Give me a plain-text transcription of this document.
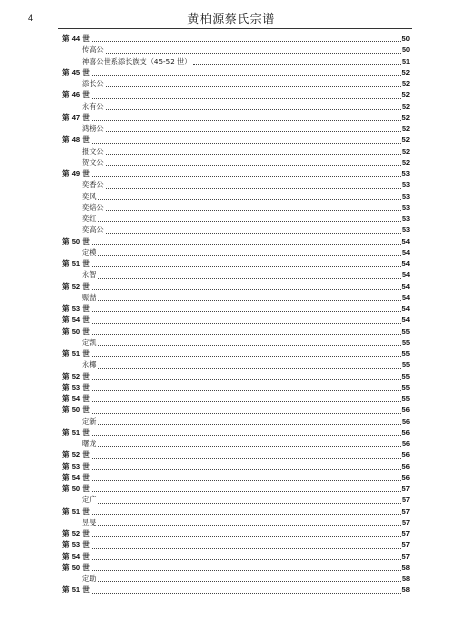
4	黄柏源蔡氏宗谱
第 44 世	50
传高公	50
神喜公世系添长族支（45-52 世）	51
第 45 世	52
添长公	52
第 46 世	52
永有公	52
第 47 世	52
鸿榜公	52
第 48 世	52
报文公	52
贺文公	52
第 49 世	53
奕香公	53
奕风	53
奕焙公	53
奕红	53
奕高公	53
第 50 世	54
定模	54
第 51 世	54
永智	54
第 52 世	54
赈喆	54
第 53 世	54
第 54 世	54
第 50 世	55
定凯	55
第 51 世	55
永椰	55
第 52 世	55
第 53 世	55
第 54 世	55
第 50 世	56
定新	56
第 51 世	56
曙龙	56
第 52 世	56
第 53 世	56
第 54 世	56
第 50 世	57
定广	57
第 51 世	57
昱旻	57
第 52 世	57
第 53 世	57
第 54 世	57
第 50 世	58
定助	58
第 51 世	58
